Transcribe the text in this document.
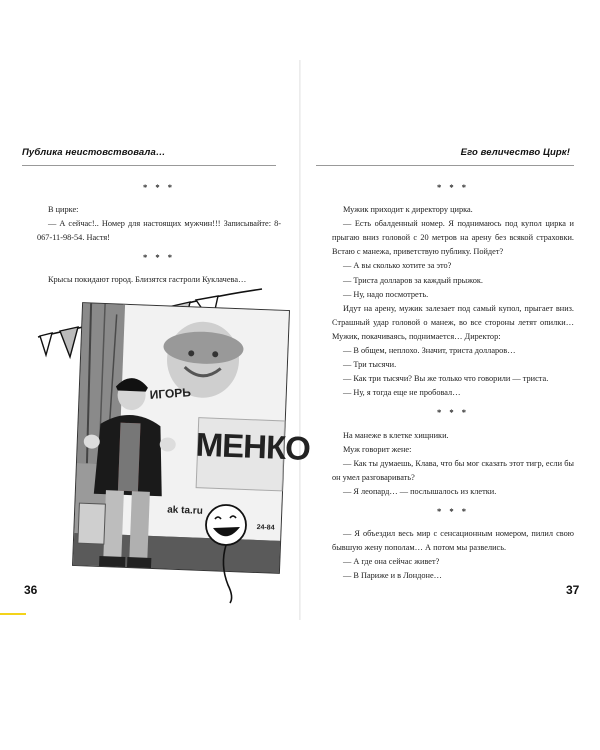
Публика неистовствовала…

* * *

В цирке:

— А сейчас!.. Номер для настоящих мужчин!!! Записывайте: 8-067-11-98-54. Настя!

* * *

Крысы покидают город. Близятся гастроли Куклачева…

ИГОРЬ
МЕНКО
ak ta.ru
24-84
36
Его величество Цирк!

* * *

Мужик приходит к директору цирка.

— Есть обалденный номер. Я поднимаюсь под купол цирка и прыгаю вниз головой с 20 метров на арену без всякой страховки. Встаю с манежа, приветствую публику. Пойдет?

— А вы сколько хотите за это?

— Триста долларов за каждый прыжок.

— Ну, надо посмотреть.

Идут на арену, мужик залезает под самый купол, прыгает вниз. Страшный удар головой о манеж, во все стороны летят опилки… Мужик, покачиваясь, поднимается… Директор:

— В общем, неплохо. Значит, триста долларов…

— Три тысячи.

— Как три тысячи? Вы же только что говорили — триста.

— Ну, я тогда еще не пробовал…

* * *

На манеже в клетке хищники.

Муж говорит жене:

— Как ты думаешь, Клава, что бы мог сказать этот тигр, если бы он умел разговаривать?

— Я леопард… — послышалось из клетки.

* * *

— Я объездил весь мир с сенсационным номером, пилил свою бывшую жену пополам… А потом мы развелись.

— А где она сейчас живет?

— В Париже и в Лондоне…

37
